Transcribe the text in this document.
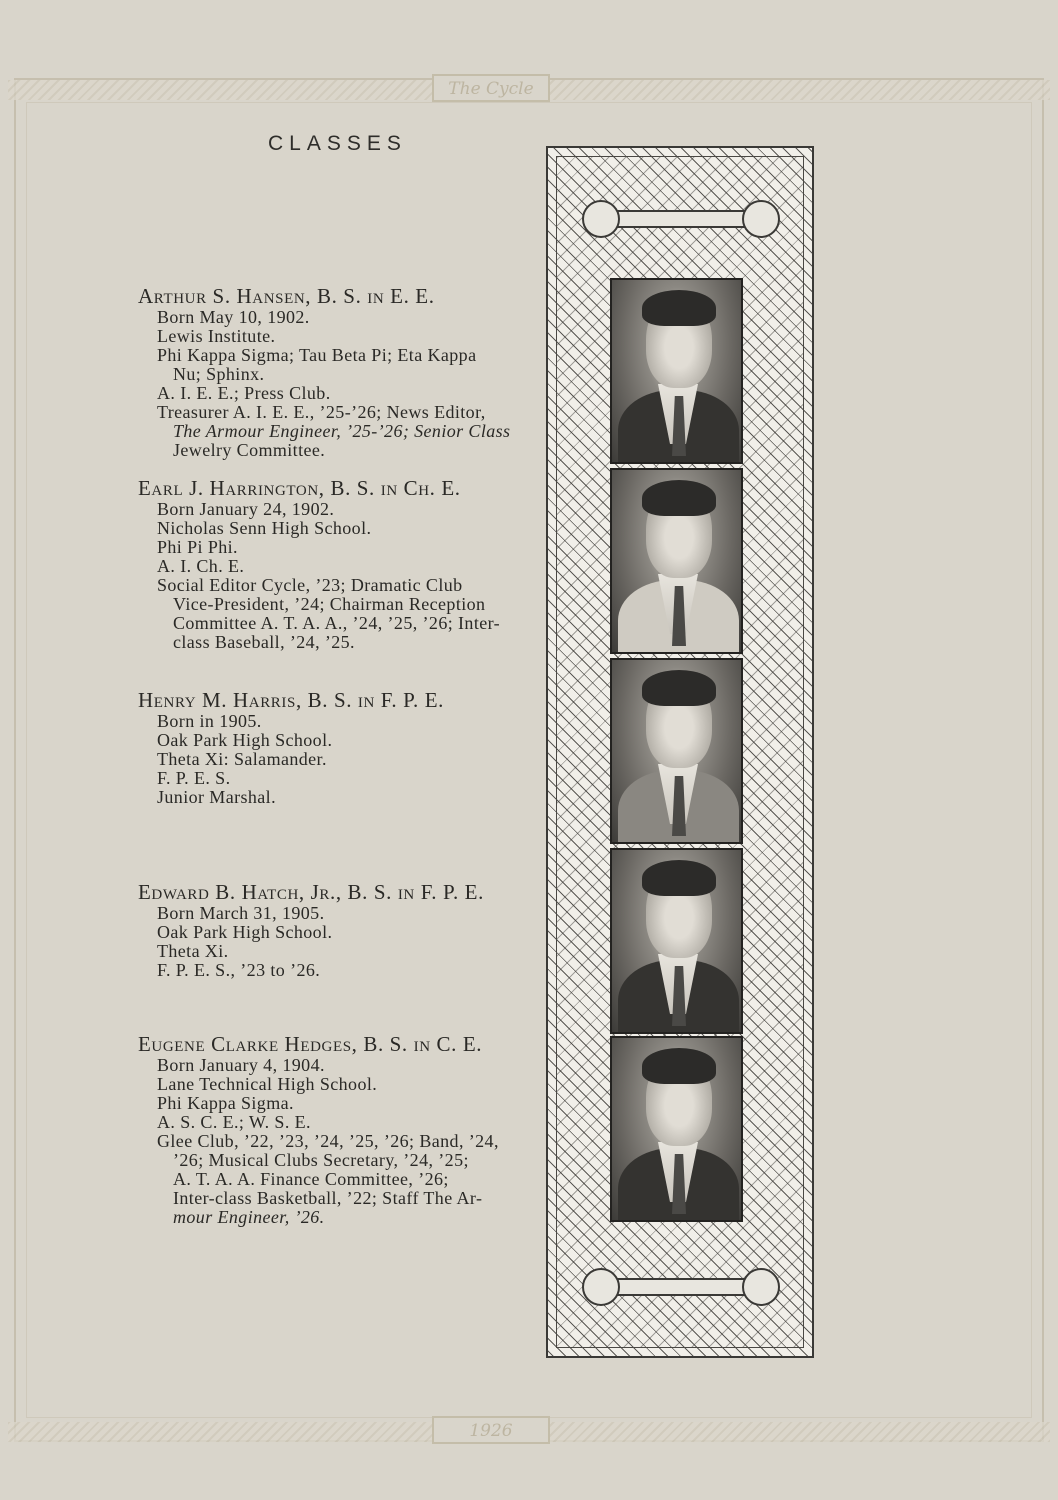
The Cycle
1926
CLASSES
Arthur S. Hansen, B. S. in E. E.
Born May 10, 1902.
Lewis Institute.
Phi Kappa Sigma; Tau Beta Pi; Eta Kappa
Nu; Sphinx.
A. I. E. E.; Press Club.
Treasurer A. I. E. E., ’25-’26; News Editor,
The Armour Engineer, ’25-’26; Senior Class
Jewelry Committee.
Earl J. Harrington, B. S. in Ch. E.
Born January 24, 1902.
Nicholas Senn High School.
Phi Pi Phi.
A. I. Ch. E.
Social Editor Cycle, ’23; Dramatic Club
Vice-President, ’24; Chairman Reception
Committee A. T. A. A., ’24, ’25, ’26; Inter-
class Baseball, ’24, ’25.
Henry M. Harris, B. S. in F. P. E.
Born in 1905.
Oak Park High School.
Theta Xi: Salamander.
F. P. E. S.
Junior Marshal.
Edward B. Hatch, Jr., B. S. in F. P. E.
Born March 31, 1905.
Oak Park High School.
Theta Xi.
F. P. E. S., ’23 to ’26.
Eugene Clarke Hedges, B. S. in C. E.
Born January 4, 1904.
Lane Technical High School.
Phi Kappa Sigma.
A. S. C. E.; W. S. E.
Glee Club, ’22, ’23, ’24, ’25, ’26; Band, ’24,
’26; Musical Clubs Secretary, ’24, ’25;
A. T. A. A. Finance Committee, ’26;
Inter-class Basketball, ’22; Staff The Ar-
mour Engineer, ’26.
